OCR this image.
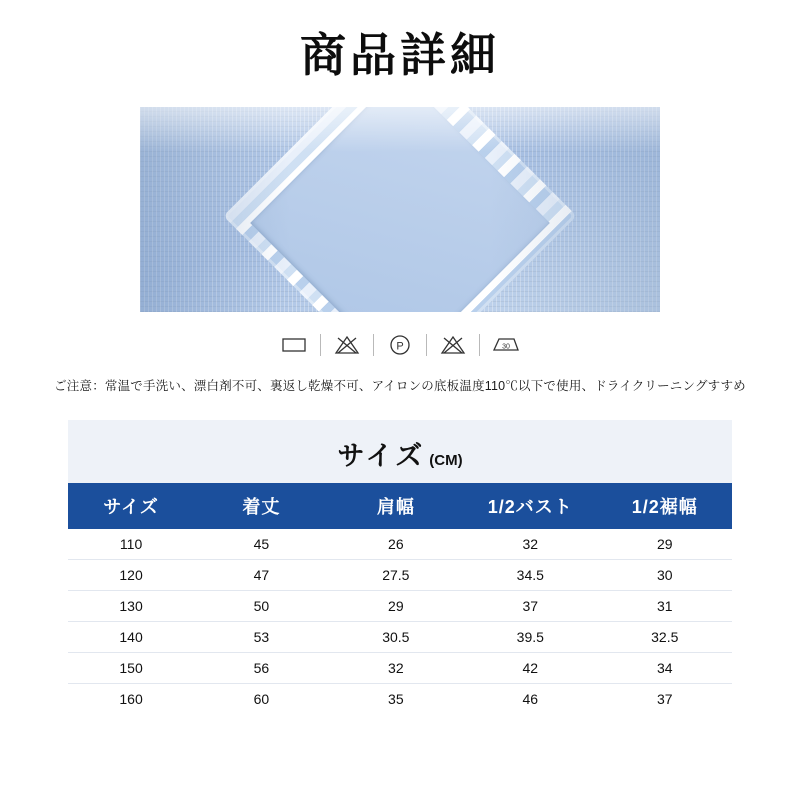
商品詳細
P	30
ご注意：常温で手洗い、漂白剤不可、裏返し乾燥不可、アイロンの底板温度110℃以下で使用、ドライクリーニングすすめ
サイズ (CM)
サイズ	着丈	肩幅	1/2バスト	1/2裾幅
110	45	26	32	29
120	47	27.5	34.5	30
130	50	29	37	31
140	53	30.5	39.5	32.5
150	56	32	42	34
160	60	35	46	37
